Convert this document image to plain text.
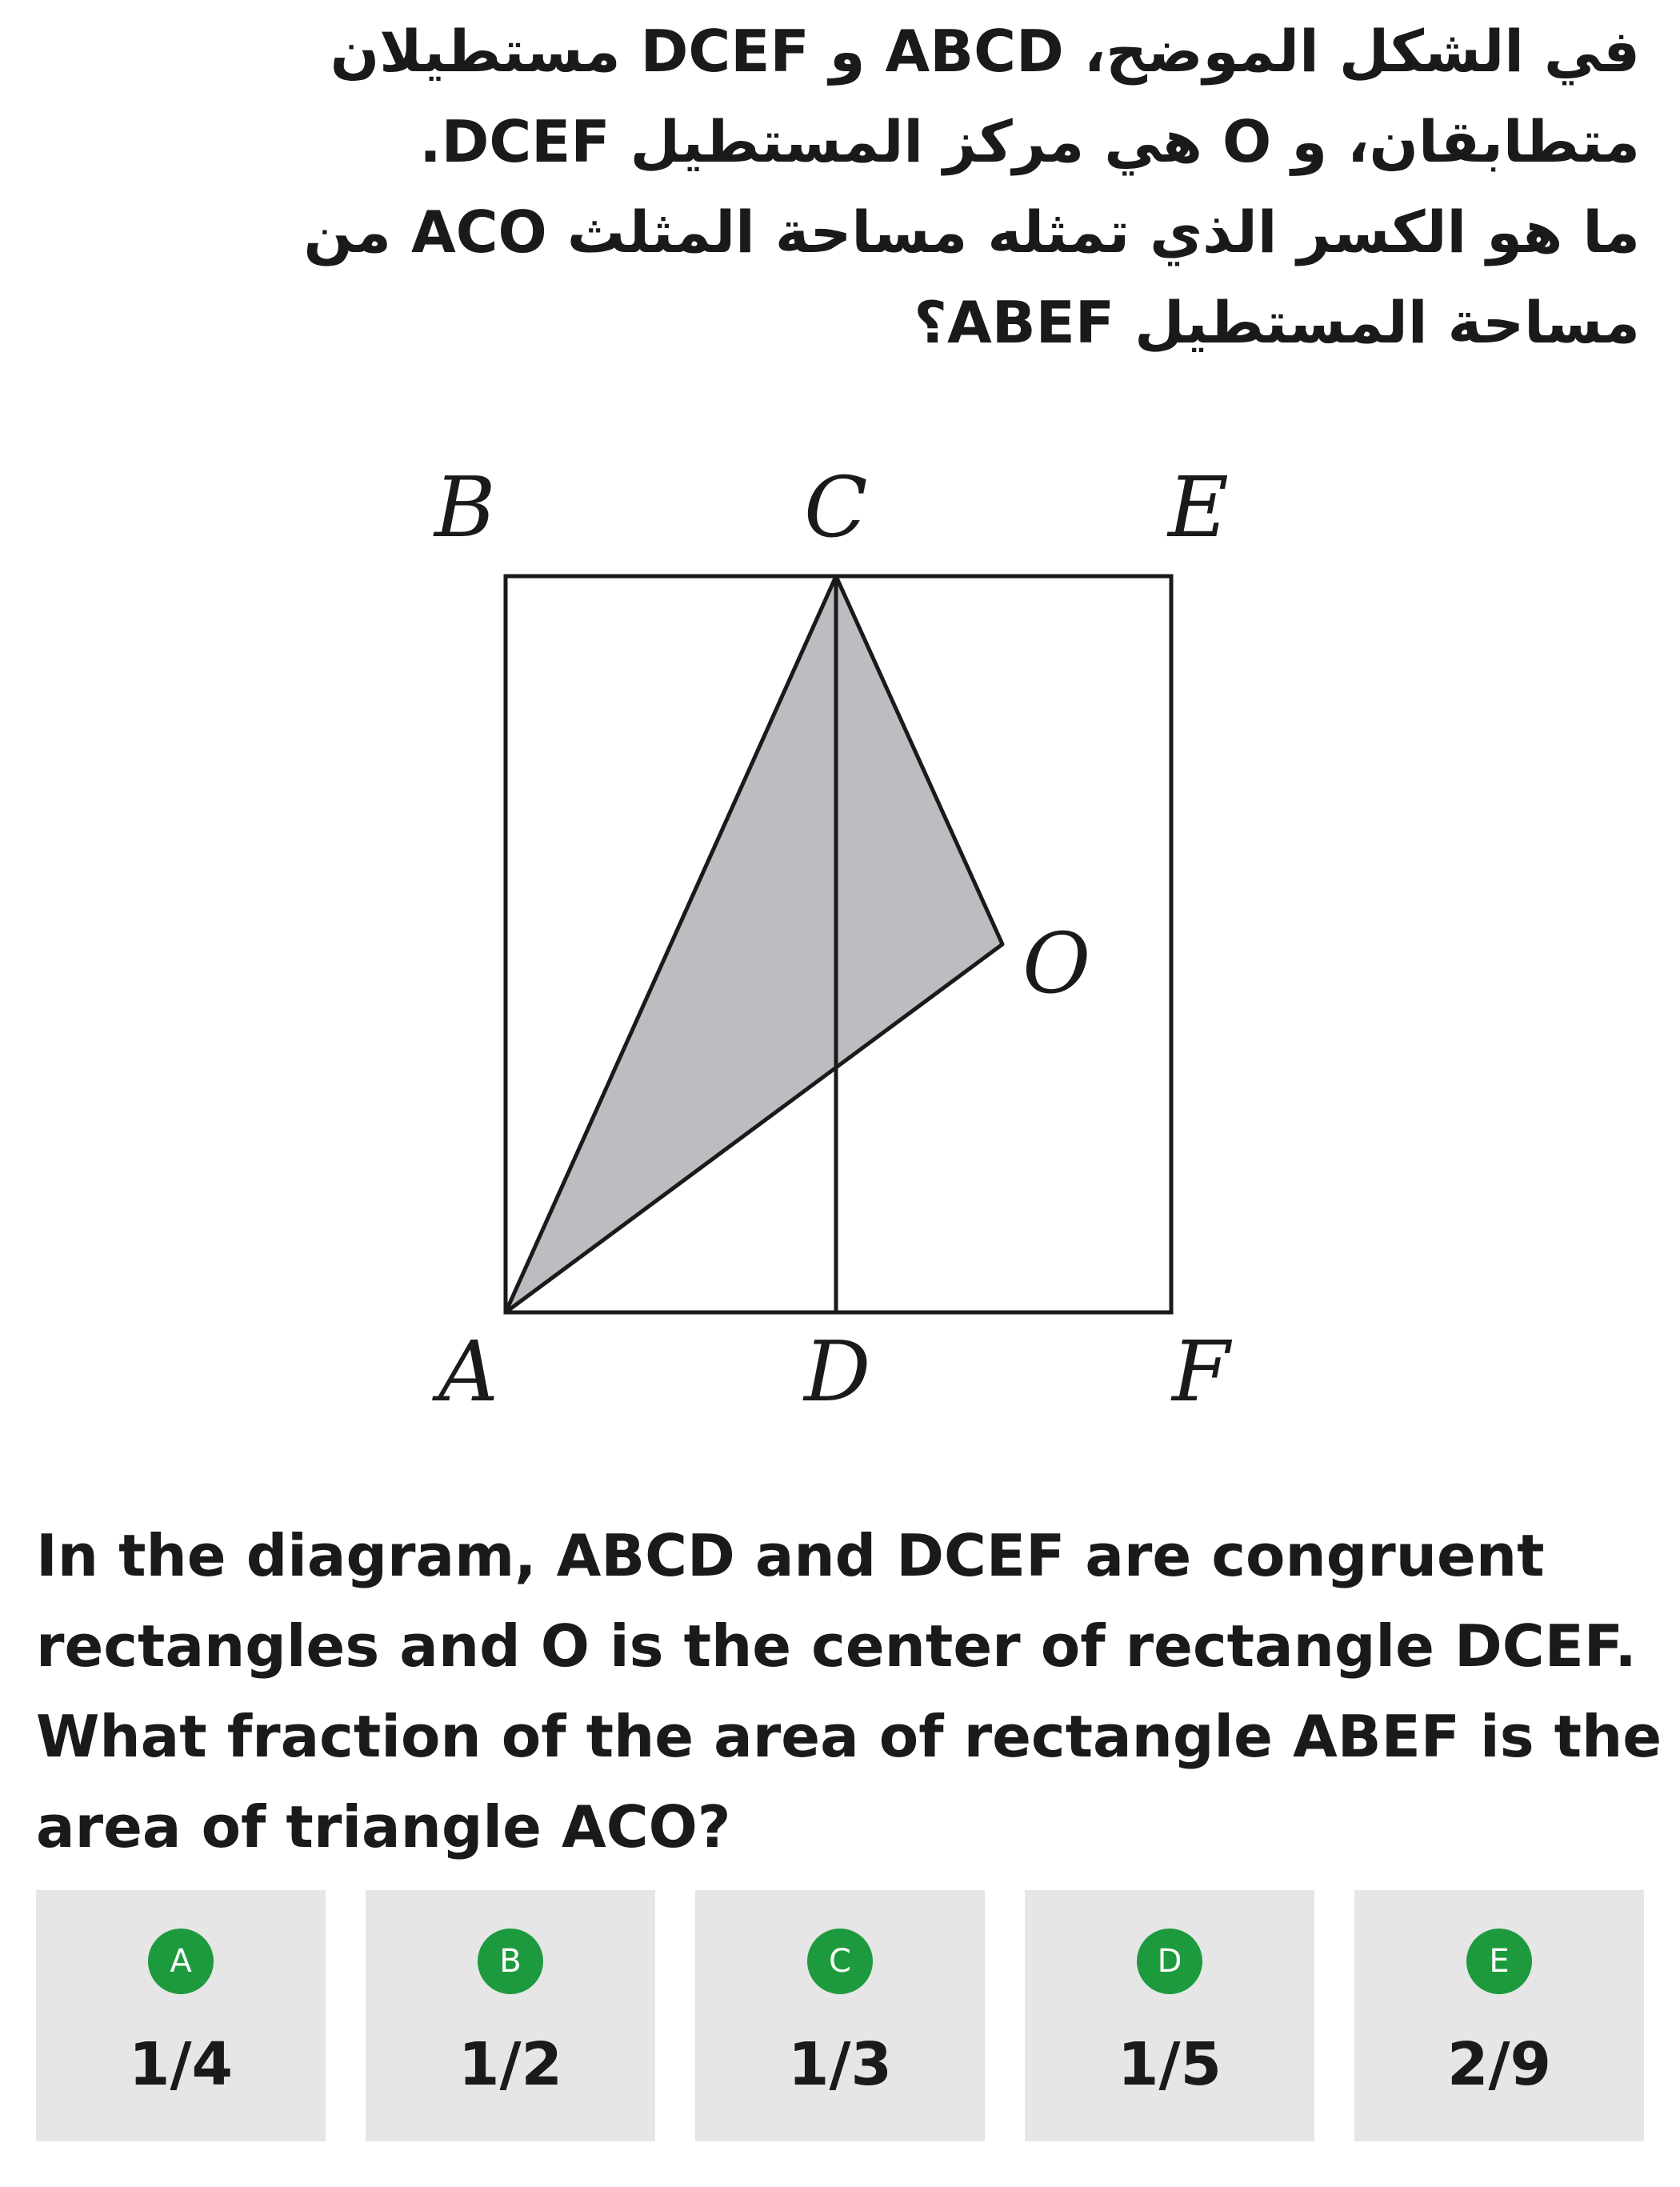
في الشكل الموضح، ABCD و DCEF مستطيلان
متطابقان، و O هي مركز المستطيل DCEF.
ما هو الكسر الذي تمثله مساحة المثلث ACO من
مساحة المستطيل ABEF؟
B	C	E
O
A	D	F
In the diagram, ABCD and DCEF are congruent
rectangles and O is the center of rectangle DCEF.
What fraction of the area of rectangle ABEF is the
area of triangle ACO?
A
1/4
B
1/2
C
1/3
D
1/5
E
2/9
